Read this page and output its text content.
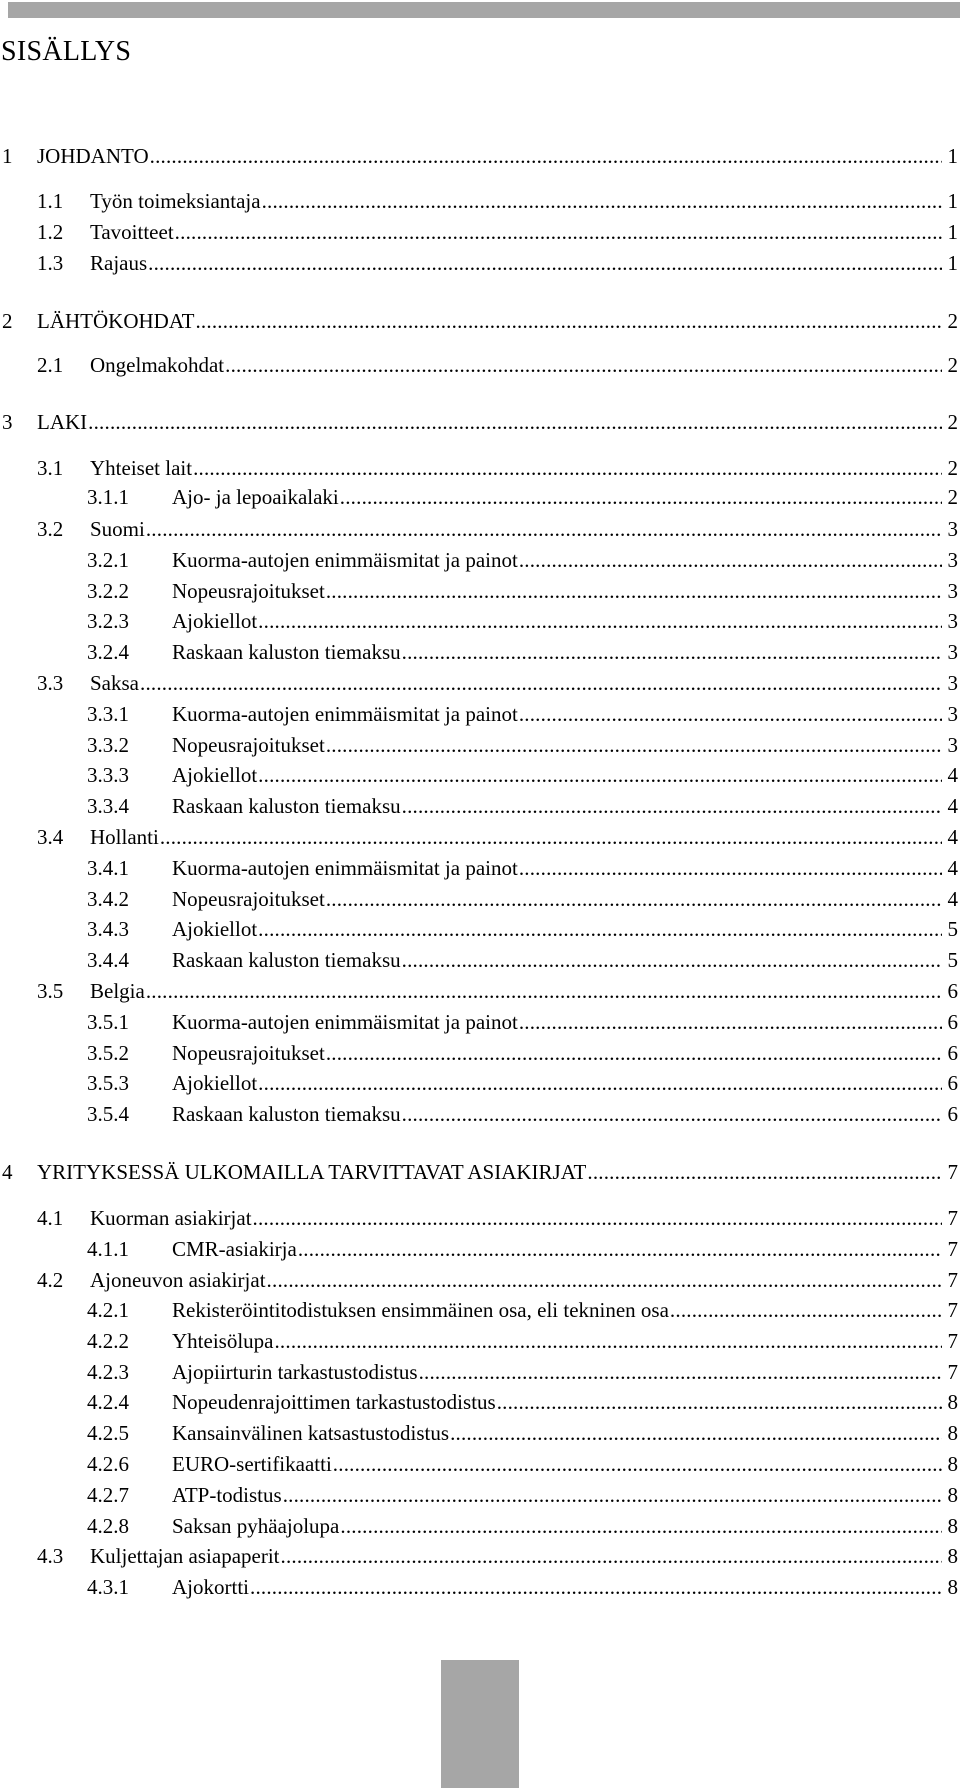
SISÄLLYS
1 JOHDANTO .....	1
1.1 Työn toimeksiantaja .....	1
1.2 Tavoitteet .....	1
1.3 Rajaus .....	1
2 LÄHTÖKOHDAT .....	2
2.1 Ongelmakohdat .....	2
3 LAKI .....	2
3.1 Yhteiset lait .....	2
3.1.1 Ajo- ja lepoaikalaki .....	2
3.2 Suomi .....	3
3.2.1 Kuorma-autojen enimmäismitat ja painot .....	3
3.2.2 Nopeusrajoitukset .....	3
3.2.3 Ajokiellot .....	3
3.2.4 Raskaan kaluston tiemaksu .....	3
3.3 Saksa .....	3
3.3.1 Kuorma-autojen enimmäismitat ja painot .....	3
3.3.2 Nopeusrajoitukset .....	3
3.3.3 Ajokiellot .....	4
3.3.4 Raskaan kaluston tiemaksu .....	4
3.4 Hollanti .....	4
3.4.1 Kuorma-autojen enimmäismitat ja painot .....	4
3.4.2 Nopeusrajoitukset .....	4
3.4.3 Ajokiellot .....	5
3.4.4 Raskaan kaluston tiemaksu .....	5
3.5 Belgia .....	6
3.5.1 Kuorma-autojen enimmäismitat ja painot .....	6
3.5.2 Nopeusrajoitukset .....	6
3.5.3 Ajokiellot .....	6
3.5.4 Raskaan kaluston tiemaksu .....	6
4 YRITYKSESSÄ ULKOMAILLA TARVITTAVAT ASIAKIRJAT .....	7
4.1 Kuorman asiakirjat .....	7
4.1.1 CMR-asiakirja .....	7
4.2 Ajoneuvon asiakirjat .....	7
4.2.1 Rekisteröintitodistuksen ensimmäinen osa, eli tekninen osa .....	7
4.2.2 Yhteisölupa .....	7
4.2.3 Ajopiirturin tarkastustodistus .....	7
4.2.4 Nopeudenrajoittimen tarkastustodistus .....	8
4.2.5 Kansainvälinen katsastustodistus .....	8
4.2.6 EURO-sertifikaatti .....	8
4.2.7 ATP-todistus .....	8
4.2.8 Saksan pyhäajolupa .....	8
4.3 Kuljettajan asiapaperit .....	8
4.3.1 Ajokortti .....	8
